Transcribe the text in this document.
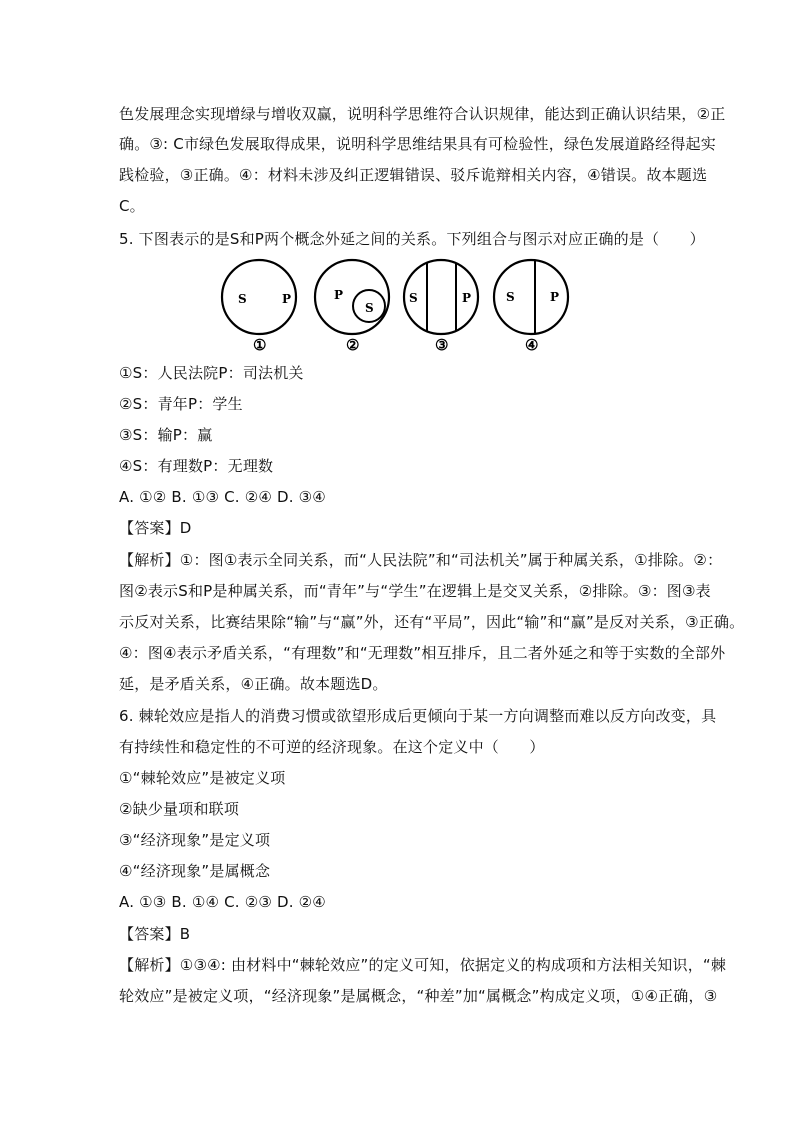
色发展理念实现增绿与增收双赢，说明科学思维符合认识规律，能达到正确认识结果，②正
确。③: C市绿色发展取得成果，说明科学思维结果具有可检验性，绿色发展道路经得起实
践检验，③正确。④：材料未涉及纠正逻辑错误、驳斥诡辩相关内容，④错误。故本题选
C。
5. 下图表示的是S和P两个概念外延之间的关系。下列组合与图示对应正确的是（　　）
S	P
①
P
S
②
S	P
③
S	P
④
①S：人民法院P：司法机关
②S：青年P：学生
③S：输P：赢
④S：有理数P：无理数
A. ①② B. ①③ C. ②④ D. ③④
【答案】D
【解析】①：图①表示全同关系，而“人民法院”和“司法机关”属于种属关系，①排除。②：
图②表示S和P是种属关系，而“青年”与“学生”在逻辑上是交叉关系，②排除。③：图③表
示反对关系，比赛结果除“输”与“赢”外，还有“平局”，因此“输”和“赢”是反对关系，③正确。
④：图④表示矛盾关系，“有理数”和“无理数”相互排斥，且二者外延之和等于实数的全部外
延，是矛盾关系，④正确。故本题选D。
6. 棘轮效应是指人的消费习惯或欲望形成后更倾向于某一方向调整而难以反方向改变，具
有持续性和稳定性的不可逆的经济现象。在这个定义中（　　）
①“棘轮效应”是被定义项
②缺少量项和联项
③“经济现象”是定义项
④“经济现象”是属概念
A. ①③ B. ①④ C. ②③ D. ②④
【答案】B
【解析】①③④: 由材料中“棘轮效应”的定义可知，依据定义的构成项和方法相关知识，“棘
轮效应”是被定义项，“经济现象”是属概念，“种差”加“属概念”构成定义项，①④正确，③
